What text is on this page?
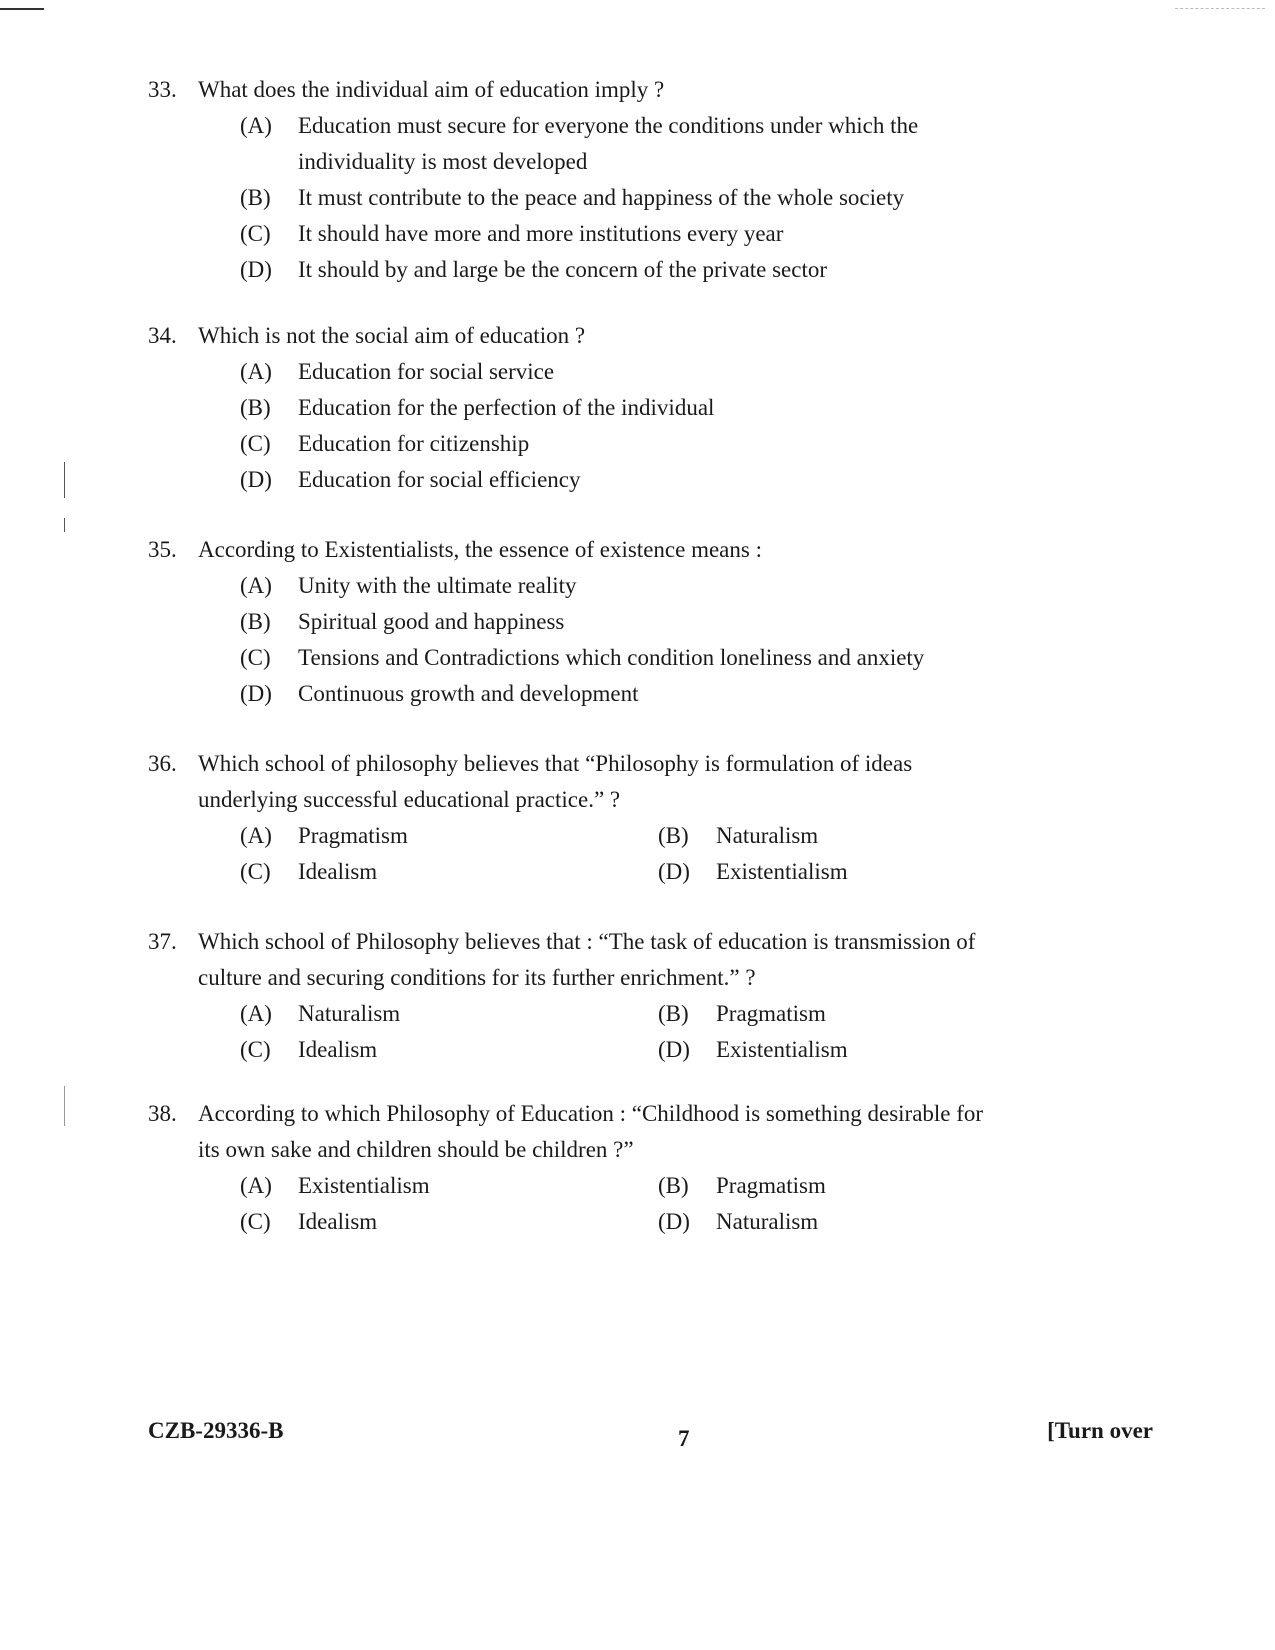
33. What does the individual aim of education imply ?
(A)	Education must secure for everyone the conditions under which the individuality is most developed
(B)	It must contribute to the peace and happiness of the whole society
(C)	It should have more and more institutions every year
(D)	It should by and large be the concern of the private sector
34. Which is not the social aim of education ?
(A)	Education for social service
(B)	Education for the perfection of the individual
(C)	Education for citizenship
(D)	Education for social efficiency
35. According to Existentialists, the essence of existence means :
(A)	Unity with the ultimate reality
(B)	Spiritual good and happiness
(C)	Tensions and Contradictions which condition loneliness and anxiety
(D)	Continuous growth and development
36. Which school of philosophy believes that “Philosophy is formulation of ideas underlying successful educational practice.” ?
(A)	Pragmatism	(B)	Naturalism
(C)	Idealism	(D)	Existentialism
37. Which school of Philosophy believes that : “The task of education is transmission of culture and securing conditions for its further enrichment.” ?
(A)	Naturalism	(B)	Pragmatism
(C)	Idealism	(D)	Existentialism
38. According to which Philosophy of Education : “Childhood is something desirable for its own sake and children should be children ?”
(A)	Existentialism	(B)	Pragmatism
(C)	Idealism	(D)	Naturalism
CZB-29336-B	7	[Turn over
